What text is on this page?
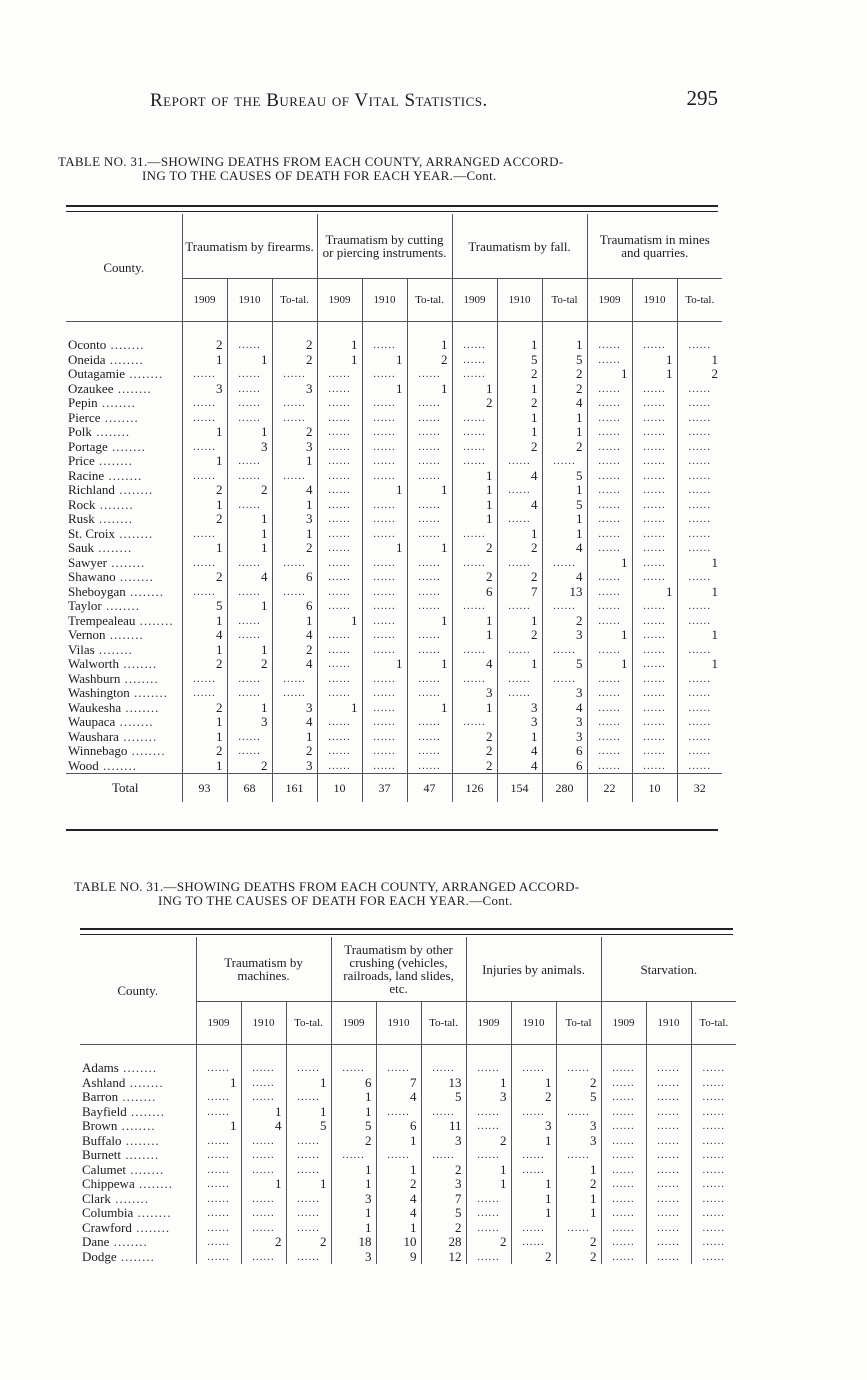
Report of the Bureau of Vital Statistics.	295
TABLE NO. 31.—SHOWING DEATHS FROM EACH COUNTY, ARRANGED ACCORD-
ING TO THE CAUSES OF DEATH FOR EACH YEAR.—Cont.
County.	Traumatism by firearms.			Traumatism by cutting or piercing instruments.			Traumatism by fall.			Traumatism in mines and quarries.		
	1909	1910	To-tal.	1909	1910	To-tal.	1909	1910	To-tal	1909	1910	To-tal.
Oconto ........	2	......	2	1	......	1	......	1	1	......	......	......
Oneida ........	1	1	2	1	1	2	......	5	5	......	1	1
Outagamie ........	......	......	......	......	......	......	......	2	2	1	1	2
Ozaukee ........	3	......	3	......	1	1	1	1	2	......	......	......
Pepin ........	......	......	......	......	......	......	2	2	4	......	......	......
Pierce ........	......	......	......	......	......	......	......	1	1	......	......	......
Polk ........	1	1	2	......	......	......	......	1	1	......	......	......
Portage ........	......	3	3	......	......	......	......	2	2	......	......	......
Price ........	1	......	1	......	......	......	......	......	......	......	......	......
Racine ........	......	......	......	......	......	......	1	4	5	......	......	......
Richland ........	2	2	4	......	1	1	1	......	1	......	......	......
Rock ........	1	......	1	......	......	......	1	4	5	......	......	......
Rusk ........	2	1	3	......	......	......	1	......	1	......	......	......
St. Croix ........	......	1	1	......	......	......	......	1	1	......	......	......
Sauk ........	1	1	2	......	1	1	2	2	4	......	......	......
Sawyer ........	......	......	......	......	......	......	......	......	......	1	......	1
Shawano ........	2	4	6	......	......	......	2	2	4	......	......	......
Sheboygan ........	......	......	......	......	......	......	6	7	13	......	1	1
Taylor ........	5	1	6	......	......	......	......	......	......	......	......	......
Trempealeau ........	1	......	1	1	......	1	1	1	2	......	......	......
Vernon ........	4	......	4	......	......	......	1	2	3	1	......	1
Vilas ........	1	1	2	......	......	......	......	......	......	......	......	......
Walworth ........	2	2	4	......	1	1	4	1	5	1	......	1
Washburn ........	......	......	......	......	......	......	......	......	......	......	......	......
Washington ........	......	......	......	......	......	......	3	......	3	......	......	......
Waukesha ........	2	1	3	1	......	1	1	3	4	......	......	......
Waupaca ........	1	3	4	......	......	......	......	3	3	......	......	......
Waushara ........	1	......	1	......	......	......	2	1	3	......	......	......
Winnebago ........	2	......	2	......	......	......	2	4	6	......	......	......
Wood ........	1	2	3	......	......	......	2	4	6	......	......	......
Total	93	68	161	10	37	47	126	154	280	22	10	32
TABLE NO. 31.—SHOWING DEATHS FROM EACH COUNTY, ARRANGED ACCORD-
ING TO THE CAUSES OF DEATH FOR EACH YEAR.—Cont.
County.	Traumatism by machines.			Traumatism by other crushing (vehicles, railroads, land slides, etc.			Injuries by animals.			Starvation.		
	1909	1910	To-tal.	1909	1910	To-tal.	1909	1910	To-tal	1909	1910	To-tal.
Adams ........	......	......	......	......	......	......	......	......	......	......	......	......
Ashland ........	1	......	1	6	7	13	1	1	2	......	......	......
Barron ........	......	......	......	1	4	5	3	2	5	......	......	......
Bayfield ........	......	1	1	1	......	......	......	......	......	......	......	......
Brown ........	1	4	5	5	6	11	......	3	3	......	......	......
Buffalo ........	......	......	......	2	1	3	2	1	3	......	......	......
Burnett ........	......	......	......	......	......	......	......	......	......	......	......	......
Calumet ........	......	......	......	1	1	2	1	......	1	......	......	......
Chippewa ........	......	1	1	1	2	3	1	1	2	......	......	......
Clark ........	......	......	......	3	4	7	......	1	1	......	......	......
Columbia ........	......	......	......	1	4	5	......	1	1	......	......	......
Crawford ........	......	......	......	1	1	2	......	......	......	......	......	......
Dane ........	......	2	2	18	10	28	2	......	2	......	......	......
Dodge ........	......	......	......	3	9	12	......	2	2	......	......	......
